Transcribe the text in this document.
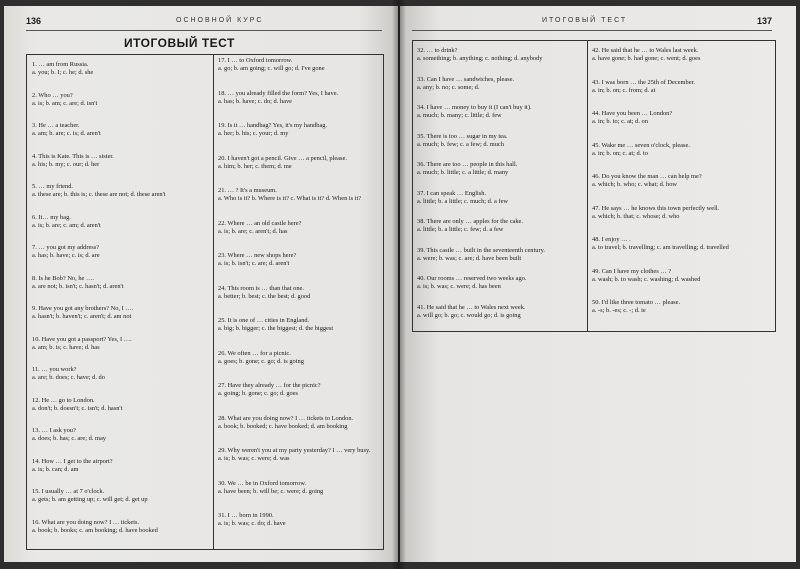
136	ОСНОВНОЙ КУРС
ИТОГОВЫЙ ТЕСТ
1. … am from Russia.
a. you; b. I; c. he; d. she
2. Who … you?
a. is; b. am; c. are; d. isn't
3. He … a teacher.
a. am; b. are; c. is; d. aren't
4. This is Kate. This is … sister.
a. his; b. my; c. our; d. her
5. … my friend.
a. these are; b. this is; c. these are not; d. these aren't
6. It… my bag.
a. is; b. are; c. am; d. aren't
7. … you got my address?
a. has; b. have; c. is; d. are
8. Is he Bob? No, he ….
a. are not; b. isn't; c. hasn't; d. aren't
9. Have you got any brothers? No, I ….
a. hasn't; b. haven't; c. aren't; d. am not
10. Have you got a passport? Yes, I ….
a. am; b. is; c. have; d. has
11. … you work?
a. are; b. does; c. have; d. do
12. He … go to London.
a. don't; b. doesn't; c. isn't; d. hasn't
13. … I ask you?
a. does; b. has; c. are; d. may
14. How … I get to the airport?
a. is; b. can; d. am
15. I usually … at 7 o'clock.
a. gets; b. am getting up; c. will get; d. get up
16. What are you doing now? I … tickets.
a. book; b. books; c. am booking; d. have booked
17. I … to Oxford tomorrow.
a. go; b. am going; c. will go; d. I've gone
18. … you already filled the form? Yes, I have.
a. has; b. have; c. do; d. have
19. Is it … handbag? Yes, it's my handbag.
a. her; b. his; c. your; d. my
20. I haven't got a pencil. Give … a pencil, please.
a. him; b. her; c. them; d. me
21. … ? It's a museum.
a. Who is it? b. Where is it? c. What is it? d. When is it?
22. Where … an old castle here?
a. is; b. are; c. aren't; d. has
23. Where … new shops here?
a. is; b. isn't; c. are; d. aren't
24. This room is … than that one.
a. better; b. best; c. the best; d. good
25. It is one of … cities in England.
a. big; b. bigger; c. the biggest; d. the biggest
26. We often … for a picnic.
a. goes; b. gone; c. go; d. is going
27. Have they already … for the picnic?
a. going; b. gone; c. go; d. goes
28. What are you doing now? I … tickets to London.
a. book; b. booked; c. have booked; d. am booking
29. Why weren't you at my party yesterday? I … very busy.
a. is; b. was; c. were; d. was
30. We … be in Oxford tomorrow.
a. have been; b. will be; c. were; d. going
31. I … born in 1990.
a. is; b. was; c. do; d. have
ИТОГОВЫЙ ТЕСТ	137
32. … to drink?
a. something; b. anything; c. nothing; d. anybody
33. Can I have … sandwiches, please.
a. any; b. no; c. some; d.
34. I have … money to buy it (I can't buy it).
a. much; b. many; c. little; d. few
35. There is too … sugar in my tea.
a. much; b. few; c. a few; d. much
36. There are too … people in this hall.
a. much; b. little; c. a little; d. many
37. I can speak … English.
a. little; b. a little; c. much; d. a few
38. There are only … apples for the cake.
a. little; b. a little; c. few; d. a few
39. This castle … built in the seventeenth century.
a. were; b. was; c. are; d. have been built
40. Our rooms … reserved two weeks ago.
a. is; b. was; c. were; d. has been
41. He said that he … to Wales next week.
a. will go; b. go; c. would go; d. is going
42. He said that he … to Wales last week.
a. have gone; b. had gone; c. went; d. goes
43. I was born … the 25th of December.
a. in; b. on; c. from; d. at
44. Have you been … London?
a. in; b. to; c. at; d. on
45. Wake me … seven o'clock, please.
a. in; b. on; c. at; d. to
46. Do you know the man … can help me?
a. which; b. who; c. what; d. how
47. He says … he knows this town perfectly well.
a. which; b. that; c. whose; d. who
48. I enjoy … .
a. to travel; b. travelling; c. am travelling; d. travelled
49. Can I have my clothes … ?
a. wash; b. to wash; c. washing; d. washed
50. I'd like three tomato … please.
a. -s; b. -es; c. -; d. ie
